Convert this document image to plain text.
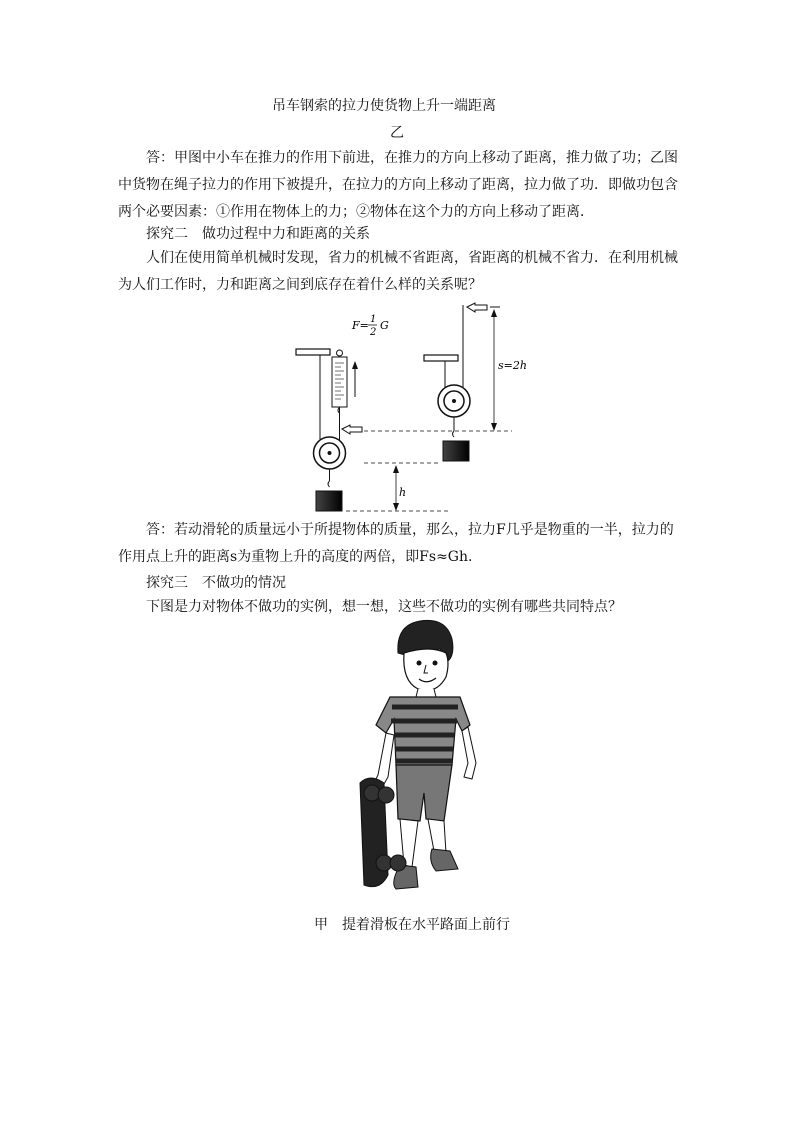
吊车钢索的拉力使货物上升一端距离
乙
答：甲图中小车在推力的作用下前进，在推力的方向上移动了距离，推力做了功；乙图中货物在绳子拉力的作用下被提升，在拉力的方向上移动了距离，拉力做了功．即做功包含两个必要因素：①作用在物体上的力；②物体在这个力的方向上移动了距离．
探究二　做功过程中力和距离的关系
人们在使用简单机械时发现，省力的机械不省距离，省距离的机械不省力．在利用机械为人们工作时，力和距离之间到底存在着什么样的关系呢？
F= 1
2
G
h
s=2h
答：若动滑轮的质量远小于所提物体的质量，那么，拉力F几乎是物重的一半，拉力的作用点上升的距离s为重物上升的高度的两倍，即Fs≈Gh.
探究三　不做功的情况
下图是力对物体不做功的实例，想一想，这些不做功的实例有哪些共同特点？
甲　提着滑板在水平路面上前行
